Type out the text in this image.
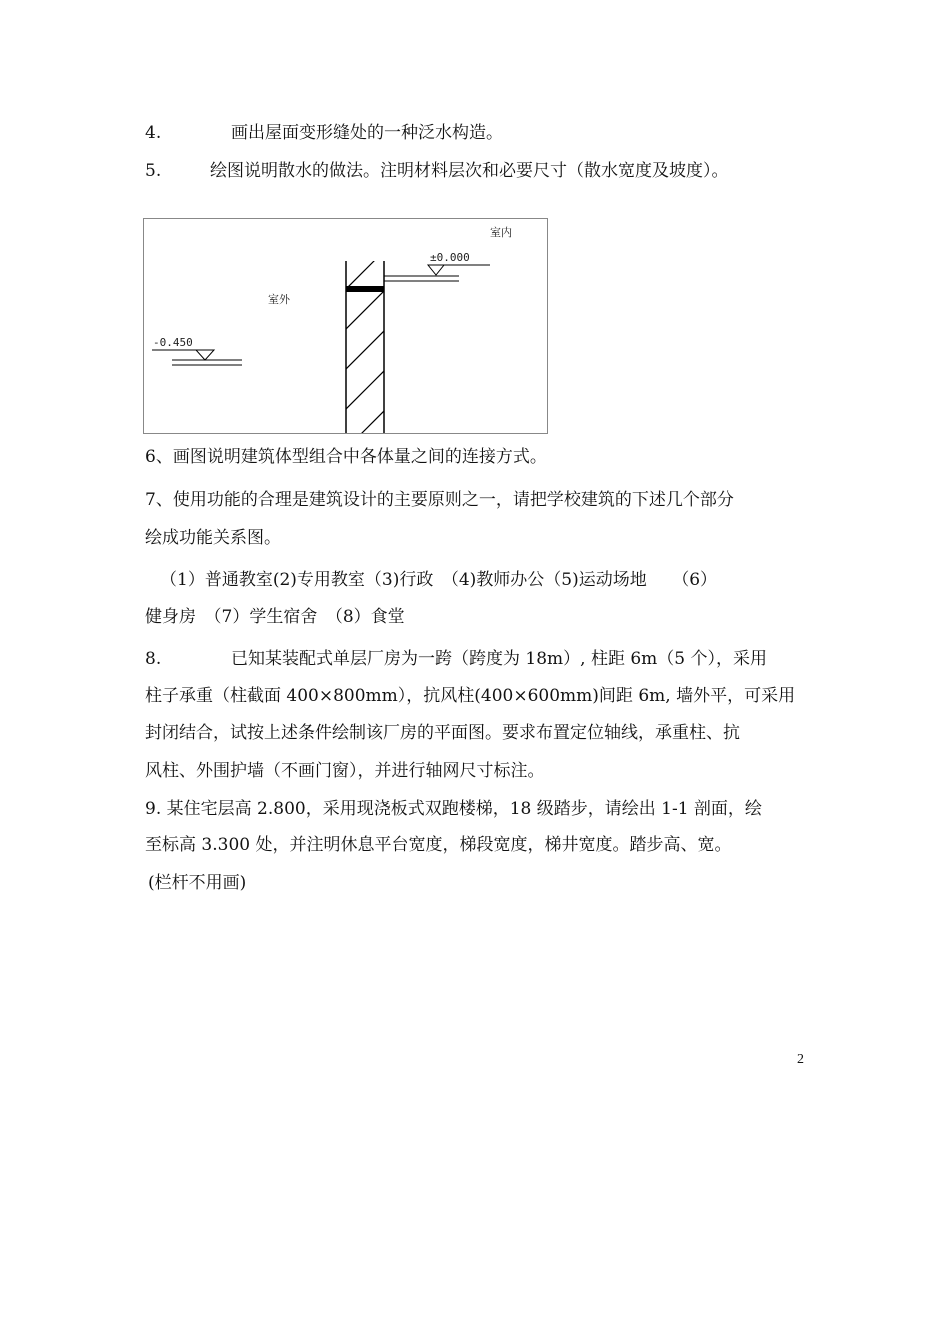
4.	画出屋面变形缝处的一种泛水构造。
5.	绘图说明散水的做法。注明材料层次和必要尺寸（散水宽度及坡度）。
室内
室外
±0.000
-0.450
6、画图说明建筑体型组合中各体量之间的连接方式。
7、使用功能的合理是建筑设计的主要原则之一，请把学校建筑的下述几个部分
绘成功能关系图。
（1）普通教室(2)专用教室（3)行政　（4)教师办公（5)运动场地　　（6）
健身房　（7）学生宿舍　（8）食堂
8.	已知某装配式单层厂房为一跨（跨度为 18m）, 柱距 6m（5 个），采用
柱子承重（柱截面 400×800mm），抗风柱(400×600mm)间距 6m, 墙外平，可采用
封闭结合，试按上述条件绘制该厂房的平面图。要求布置定位轴线，承重柱、抗
风柱、外围护墙（不画门窗），并进行轴网尺寸标注。
9. 某住宅层高 2.800，采用现浇板式双跑楼梯，18 级踏步，请绘出 1-1 剖面，绘
至标高 3.300 处，并注明休息平台宽度，梯段宽度，梯井宽度。踏步高、宽。
(栏杆不用画)
2
